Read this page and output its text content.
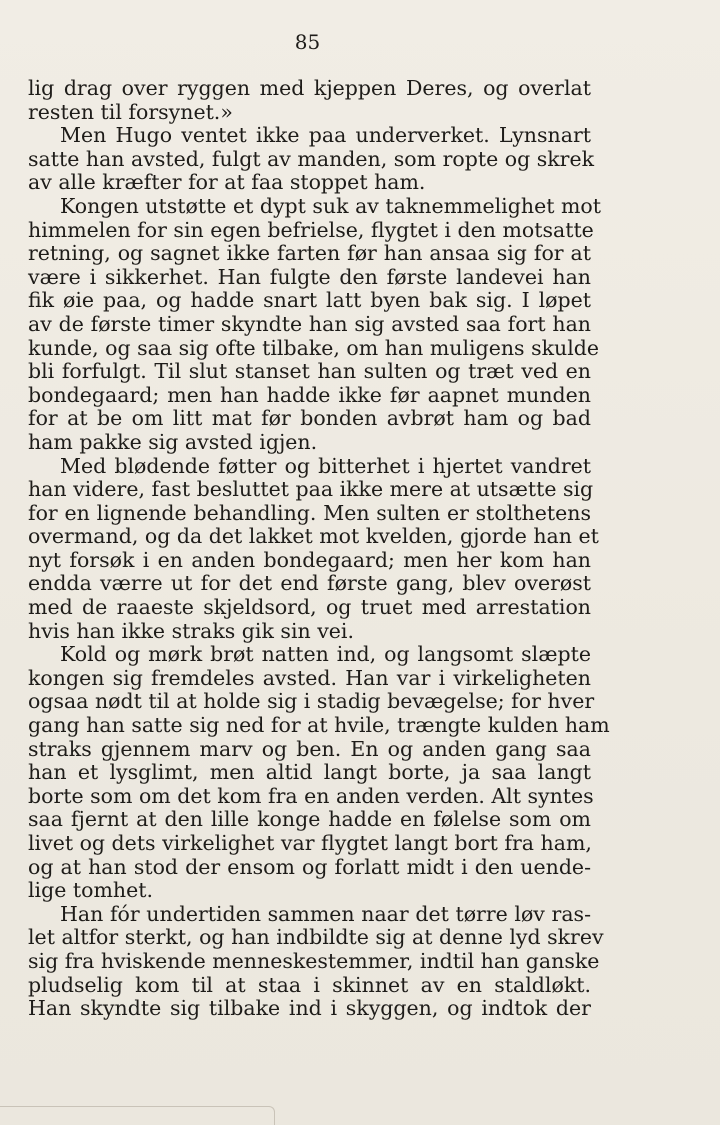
85
lig drag over ryggen med kjeppen Deres, og overlat
resten til forsynet.»
Men Hugo ventet ikke paa underverket. Lynsnart
satte han avsted, fulgt av manden, som ropte og skrek
av alle kræfter for at faa stoppet ham.
Kongen utstøtte et dypt suk av taknemmelighet mot
himmelen for sin egen befrielse, flygtet i den motsatte
retning, og sagnet ikke farten før han ansaa sig for at
være i sikkerhet. Han fulgte den første landevei han
fik øie paa, og hadde snart latt byen bak sig. I løpet
av de første timer skyndte han sig avsted saa fort han
kunde, og saa sig ofte tilbake, om han muligens skulde
bli forfulgt. Til slut stanset han sulten og træt ved en
bondegaard; men han hadde ikke før aapnet munden
for at be om litt mat før bonden avbrøt ham og bad
ham pakke sig avsted igjen.
Med blødende føtter og bitterhet i hjertet vandret
han videre, fast besluttet paa ikke mere at utsætte sig
for en lignende behandling. Men sulten er stolthetens
overmand, og da det lakket mot kvelden, gjorde han et
nyt forsøk i en anden bondegaard; men her kom han
endda værre ut for det end første gang, blev overøst
med de raaeste skjeldsord, og truet med arrestation
hvis han ikke straks gik sin vei.
Kold og mørk brøt natten ind, og langsomt slæpte
kongen sig fremdeles avsted. Han var i virkeligheten
ogsaa nødt til at holde sig i stadig bevægelse; for hver
gang han satte sig ned for at hvile, trængte kulden ham
straks gjennem marv og ben. En og anden gang saa
han et lysglimt, men altid langt borte, ja saa langt
borte som om det kom fra en anden verden. Alt syntes
saa fjernt at den lille konge hadde en følelse som om
livet og dets virkelighet var flygtet langt bort fra ham,
og at han stod der ensom og forlatt midt i den uende-
lige tomhet.
Han fór undertiden sammen naar det tørre løv ras-
let altfor sterkt, og han indbildte sig at denne lyd skrev
sig fra hviskende menneskestemmer, indtil han ganske
pludselig kom til at staa i skinnet av en staldløkt.
Han skyndte sig tilbake ind i skyggen, og indtok der
